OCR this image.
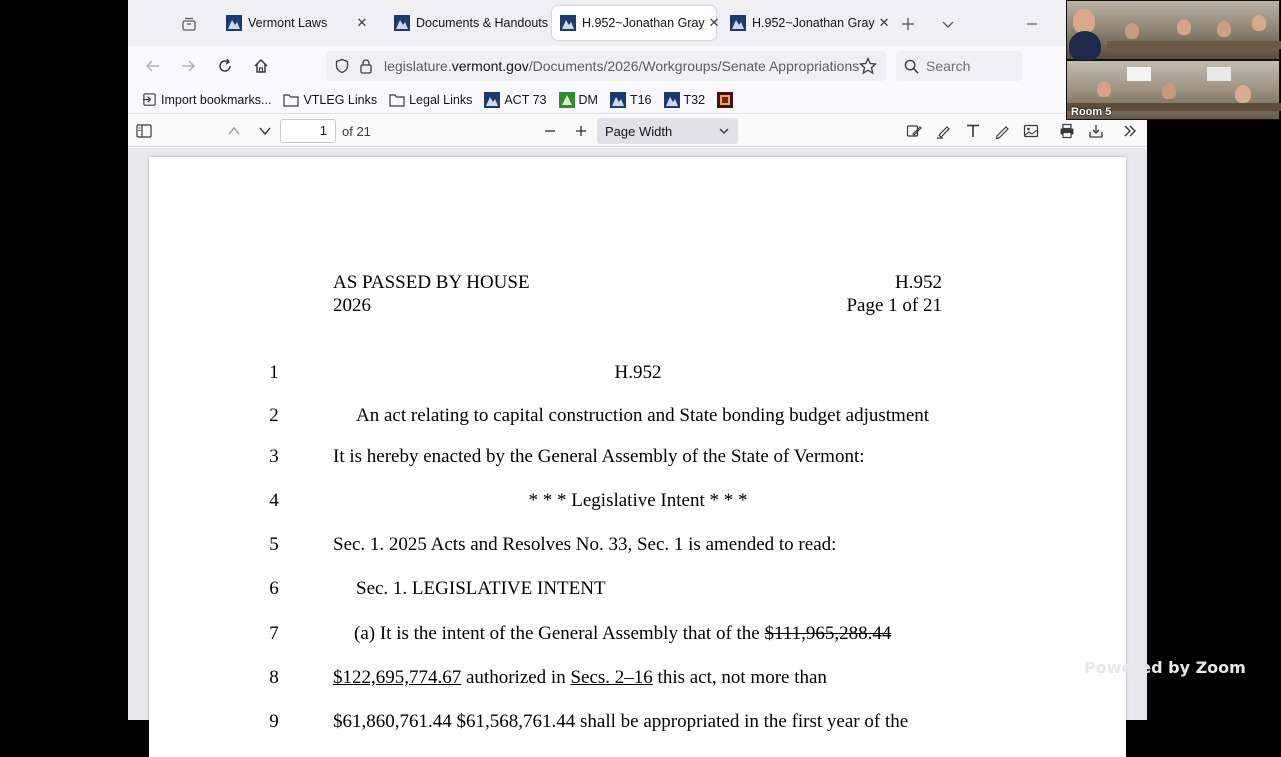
Vermont Laws	✕	Documents & Handouts	H.952~Jonathan Gray ✕	H.952~Jonathan Gray ✕
legislature.vermont.gov/Documents/2026/Workgroups/Senate Appropriations	Search
Import bookmarks...	VTLEG Links	Legal Links	ACT 73	DM	T16	T32
1	of 21	Page Width
AS PASSED BY HOUSE
2026
H.952
Page 1 of 21
1	H.952
2	An act relating to capital construction and State bonding budget adjustment
3	It is hereby enacted by the General Assembly of the State of Vermont:
4	* * * Legislative Intent * * *
5	Sec. 1. 2025 Acts and Resolves No. 33, Sec. 1 is amended to read:
6	Sec. 1. LEGISLATIVE INTENT
7	(a) It is the intent of the General Assembly that of the $111,965,288.44
8	$122,695,774.67 authorized in Secs. 2–16 this act, not more than
9	$61,860,761.44 $61,568,761.44 shall be appropriated in the first year of the
Room 5
Powered by Zoom
